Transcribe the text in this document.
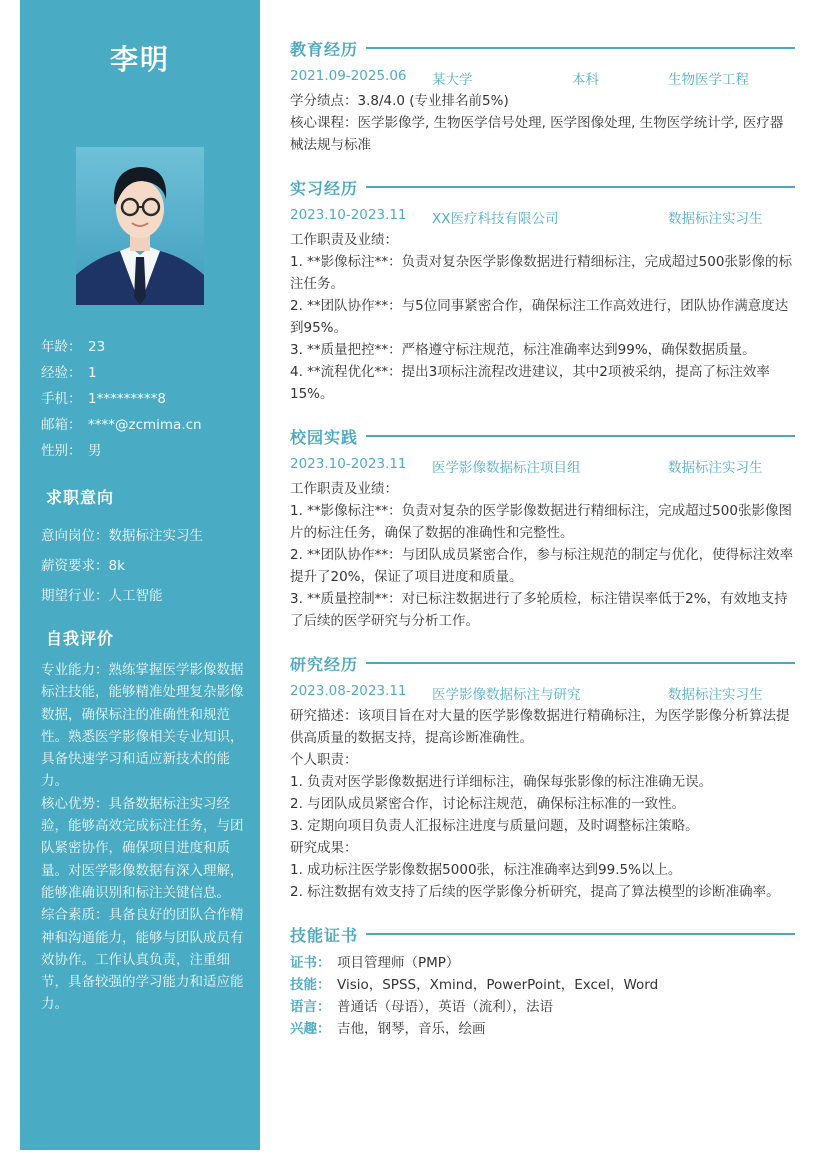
李明
年龄： 23
经验： 1
手机： 1*********8
邮箱： ****@zcmima.cn
性别： 男
求职意向
意向岗位：数据标注实习生
薪资要求：8k
期望行业：人工智能
自我评价

专业能力：熟练掌握医学影像数据标注技能，能够精准处理复杂影像数据，确保标注的准确性和规范性。熟悉医学影像相关专业知识，具备快速学习和适应新技术的能力。

核心优势：具备数据标注实习经验，能够高效完成标注任务，与团队紧密协作，确保项目进度和质量。对医学影像数据有深入理解，能够准确识别和标注关键信息。

综合素质：具备良好的团队合作精神和沟通能力，能够与团队成员有效协作。工作认真负责，注重细节，具备较强的学习能力和适应能力。

教育经历
2021.09-2025.06 某大学	本科	生物医学工程

学分绩点：3.8/4.0 (专业排名前5%)

核心课程：医学影像学, 生物医学信号处理, 医学图像处理, 生物医学统计学, 医疗器械法规与标准

实习经历
2023.10-2023.11 XX医疗科技有限公司	数据标注实习生

工作职责及业绩：

1. **影像标注**：负责对复杂医学影像数据进行精细标注，完成超过500张影像的标注任务。

2. **团队协作**：与5位同事紧密合作，确保标注工作高效进行，团队协作满意度达到95%。

3. **质量把控**：严格遵守标注规范，标注准确率达到99%，确保数据质量。

4. **流程优化**：提出3项标注流程改进建议，其中2项被采纳，提高了标注效率15%。

校园实践
2023.10-2023.11 医学影像数据标注项目组	数据标注实习生

工作职责及业绩：

1. **影像标注**：负责对复杂的医学影像数据进行精细标注，完成超过500张影像图片的标注任务，确保了数据的准确性和完整性。

2. **团队协作**：与团队成员紧密合作，参与标注规范的制定与优化，使得标注效率提升了20%，保证了项目进度和质量。

3. **质量控制**：对已标注数据进行了多轮质检，标注错误率低于2%，有效地支持了后续的医学研究与分析工作。

研究经历
2023.08-2023.11 医学影像数据标注与研究	数据标注实习生

研究描述：该项目旨在对大量的医学影像数据进行精确标注，为医学影像分析算法提供高质量的数据支持，提高诊断准确性。

个人职责：

1. 负责对医学影像数据进行详细标注，确保每张影像的标注准确无误。

2. 与团队成员紧密合作，讨论标注规范，确保标注标准的一致性。

3. 定期向项目负责人汇报标注进度与质量问题，及时调整标注策略。

研究成果：

1. 成功标注医学影像数据5000张，标注准确率达到99.5%以上。

2. 标注数据有效支持了后续的医学影像分析研究，提高了算法模型的诊断准确率。

技能证书
证书： 项目管理师（PMP）
技能： Visio，SPSS，Xmind，PowerPoint，Excel，Word
语言： 普通话（母语），英语（流利），法语
兴趣： 吉他，钢琴，音乐，绘画
